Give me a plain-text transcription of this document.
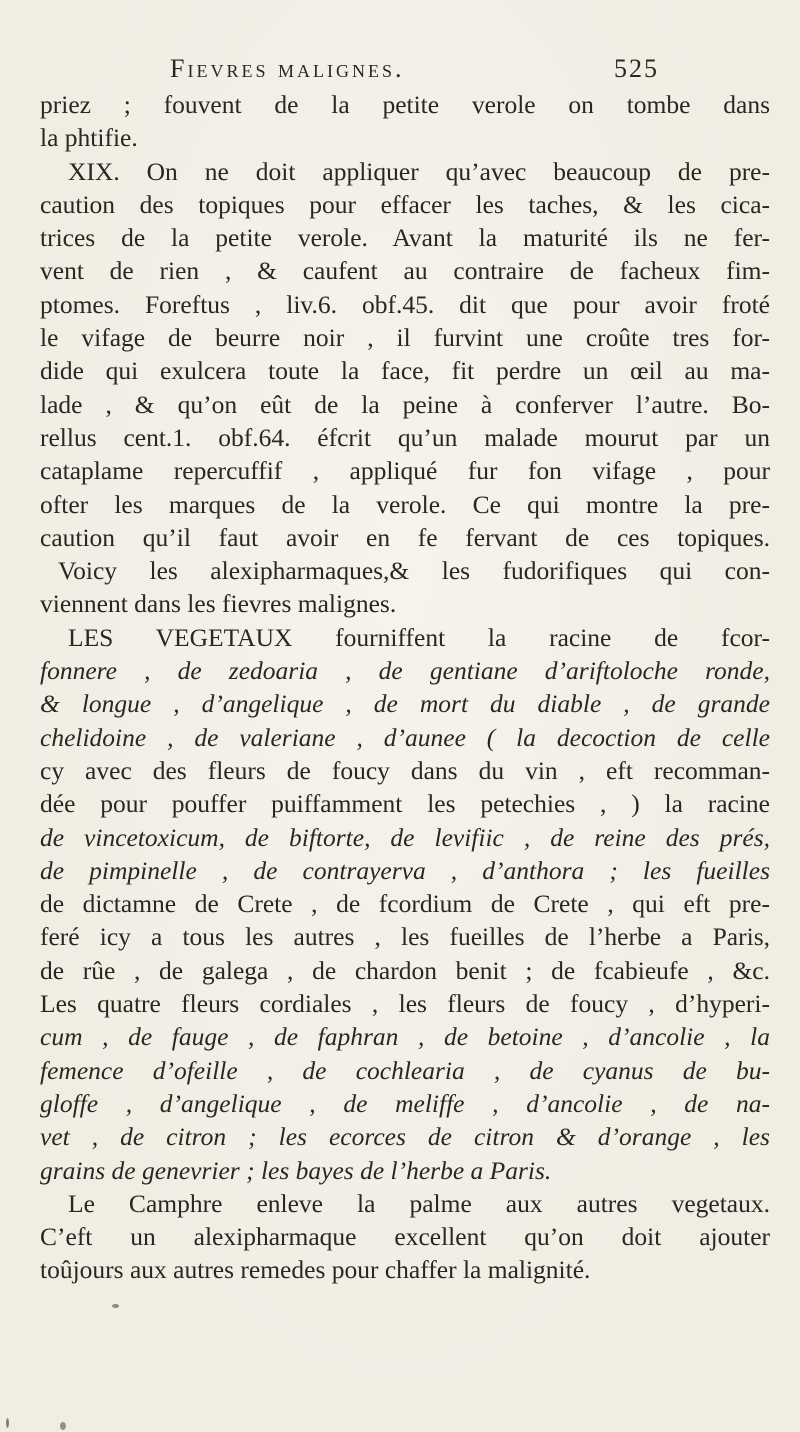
Fievres malignes.	525
priez ; fouvent de la petite verole on tombe dans
la phtifie.
XIX. On ne doit appliquer qu’avec beaucoup de pre-
caution des topiques pour effacer les taches, & les cica-
trices de la petite verole. Avant la maturité ils ne fer-
vent de rien , & caufent au contraire de facheux fim-
ptomes. Foreftus , liv.6. obf.45. dit que pour avoir froté
le vifage de beurre noir , il furvint une croûte tres for-
dide qui exulcera toute la face, fit perdre un œil au ma-
lade , & qu’on eût de la peine à conferver l’autre. Bo-
rellus cent.1. obf.64. éfcrit qu’un malade mourut par un
cataplame repercuffif , appliqué fur fon vifage , pour
ofter les marques de la verole. Ce qui montre la pre-
caution qu’il faut avoir en fe fervant de ces topiques.
Voicy les alexipharmaques,& les fudorifiques qui con-
viennent dans les fievres malignes.
LES VEGETAUX fourniffent la racine de fcor-
fonnere , de zedoaria , de gentiane d’ariftoloche ronde,
& longue , d’angelique , de mort du diable , de grande
chelidoine , de valeriane , d’aunee ( la decoction de celle
cy avec des fleurs de foucy dans du vin , eft recomman-
dée pour pouffer puiffamment les petechies , ) la racine
de vincetoxicum, de biftorte, de levifiic , de reine des prés,
de pimpinelle , de contrayerva , d’anthora ; les fueilles
de dictamne de Crete , de fcordium de Crete , qui eft pre-
feré icy a tous les autres , les fueilles de l’herbe a Paris,
de rûe , de galega , de chardon benit ; de fcabieufe , &c.
Les quatre fleurs cordiales , les fleurs de foucy , d’hyperi-
cum , de fauge , de faphran , de betoine , d’ancolie , la
femence d’ofeille , de cochlearia , de cyanus de bu-
gloffe , d’angelique , de meliffe , d’ancolie , de na-
vet , de citron ; les ecorces de citron & d’orange , les
grains de genevrier ; les bayes de l’herbe a Paris.
Le Camphre enleve la palme aux autres vegetaux.
C’eft un alexipharmaque excellent qu’on doit ajouter
toûjours aux autres remedes pour chaffer la malignité.
